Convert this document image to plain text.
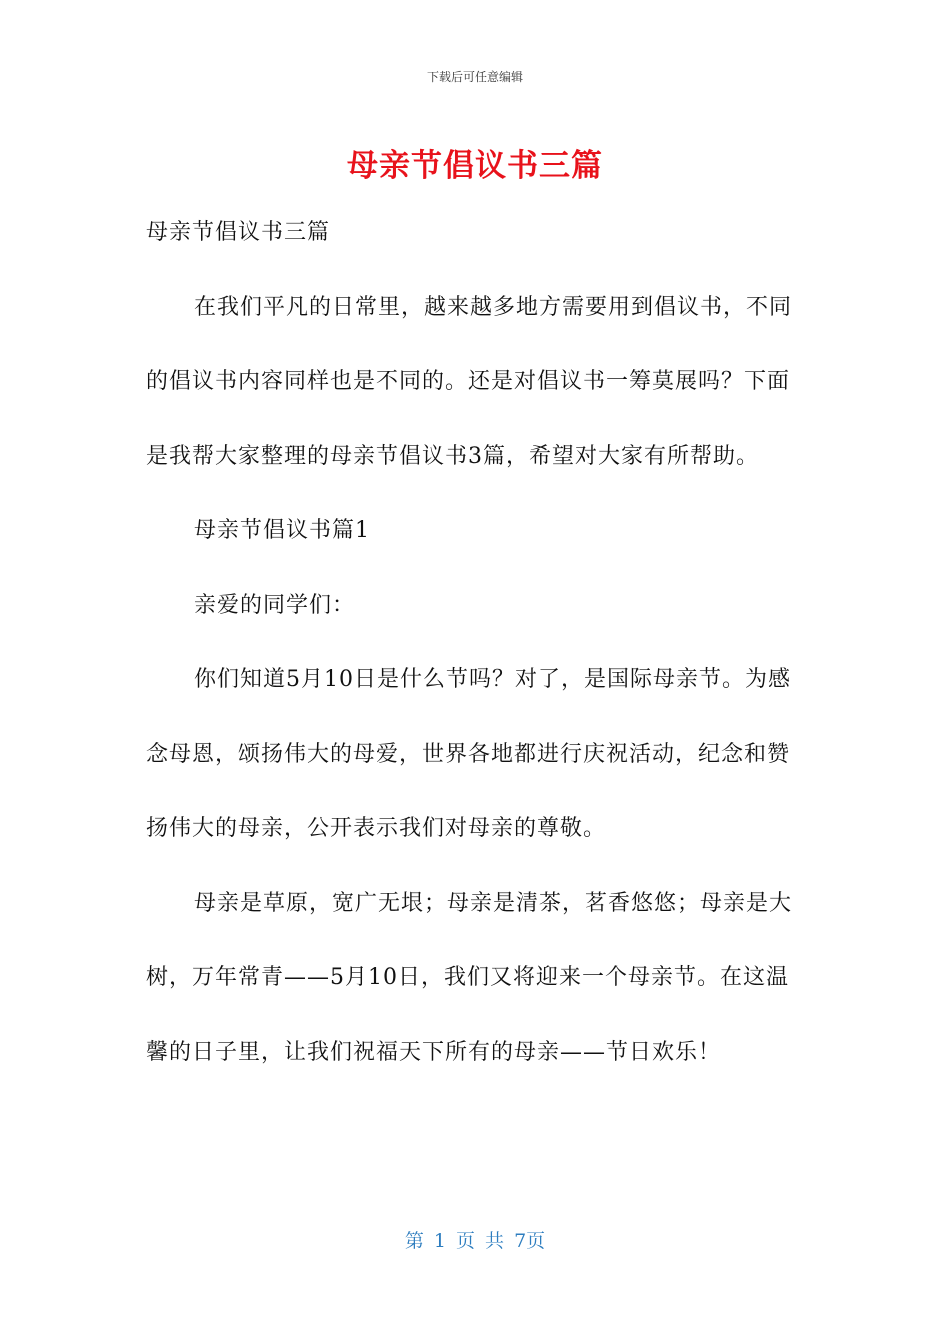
下载后可任意编辑
母亲节倡议书三篇

母亲节倡议书三篇

在我们平凡的日常里，越来越多地方需要用到倡议书，不同的倡议书内容同样也是不同的。还是对倡议书一筹莫展吗？下面是我帮大家整理的母亲节倡议书3篇，希望对大家有所帮助。

母亲节倡议书篇1

亲爱的同学们：

你们知道5月10日是什么节吗？对了，是国际母亲节。为感念母恩，颂扬伟大的母爱，世界各地都进行庆祝活动，纪念和赞扬伟大的母亲，公开表示我们对母亲的尊敬。

母亲是草原，宽广无垠；母亲是清茶，茗香悠悠；母亲是大树，万年常青——5月10日，我们又将迎来一个母亲节。在这温馨的日子里，让我们祝福天下所有的母亲——节日欢乐！

第 1 页 共 7页
